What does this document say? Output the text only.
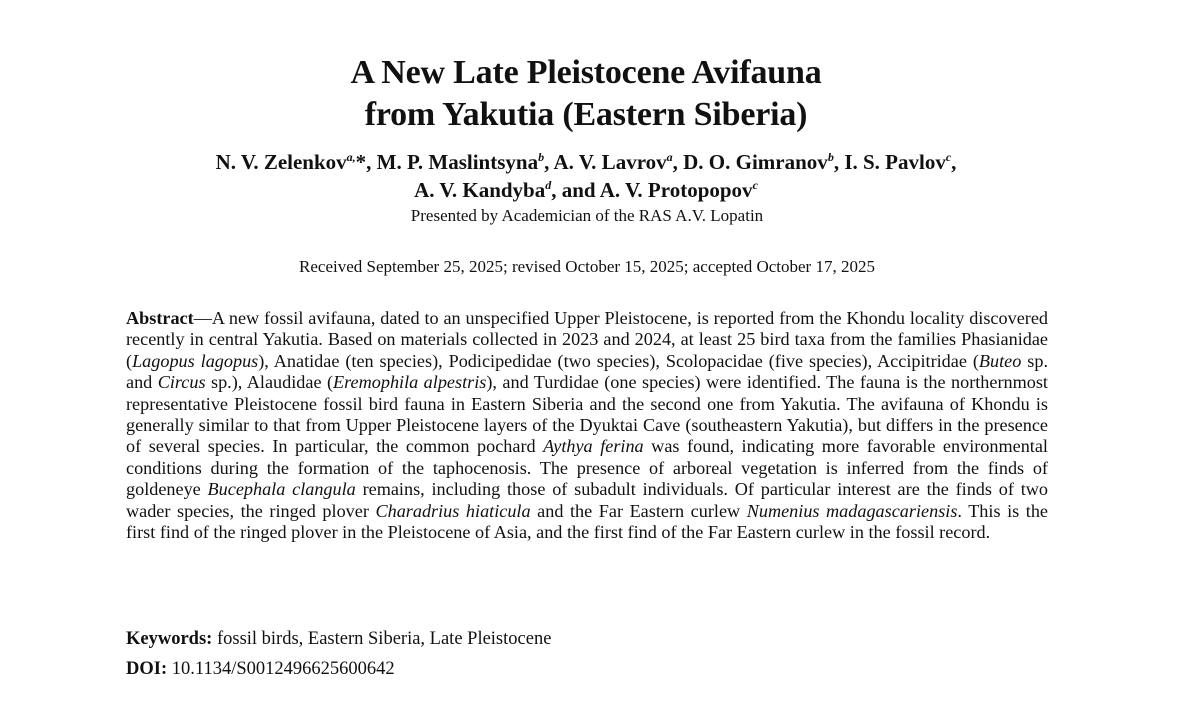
A New Late Pleistocene Avifauna
from Yakutia (Eastern Siberia)
N. V. Zelenkov$^{a,}$*, M. P. Maslintsyna$^b$, A. V. Lavrov$^a$, D. O. Gimranov$^b$, I. S. Pavlov$^c$,
A. V. Kandyba$^d$, and A. V. Protopopov$^c$
Presented by Academician of the RAS A.V. Lopatin
Received September 25, 2025; revised October 15, 2025; accepted October 17, 2025
Abstract—A new fossil avifauna, dated to an unspecified Upper Pleistocene, is reported from the Khondu locality discovered recently in central Yakutia. Based on materials collected in 2023 and 2024, at least 25 bird taxa from the families Phasianidae (Lagopus lagopus), Anatidae (ten species), Podicipedidae (two species), Scolopacidae (five species), Accipitridae (Buteo sp. and Circus sp.), Alaudidae (Eremophila alpestris), and Turdidae (one species) were identified. The fauna is the northernmost representative Pleistocene fossil bird fauna in Eastern Siberia and the second one from Yakutia. The avifauna of Khondu is generally similar to that from Upper Pleistocene layers of the Dyuktai Cave (southeastern Yakutia), but differs in the presence of several species. In particular, the common pochard Aythya ferina was found, indicating more favorable environmental conditions during the formation of the taphocenosis. The presence of arboreal vegetation is inferred from the finds of goldeneye Bucephala clangula remains, including those of subadult individuals. Of particular interest are the finds of two wader species, the ringed plover Charadrius hiaticula and the Far Eastern curlew Numenius madagascariensis. This is the first find of the ringed plover in the Pleistocene of Asia, and the first find of the Far Eastern curlew in the fossil record.
Keywords: fossil birds, Eastern Siberia, Late Pleistocene
DOI: 10.1134/S0012496625600642
